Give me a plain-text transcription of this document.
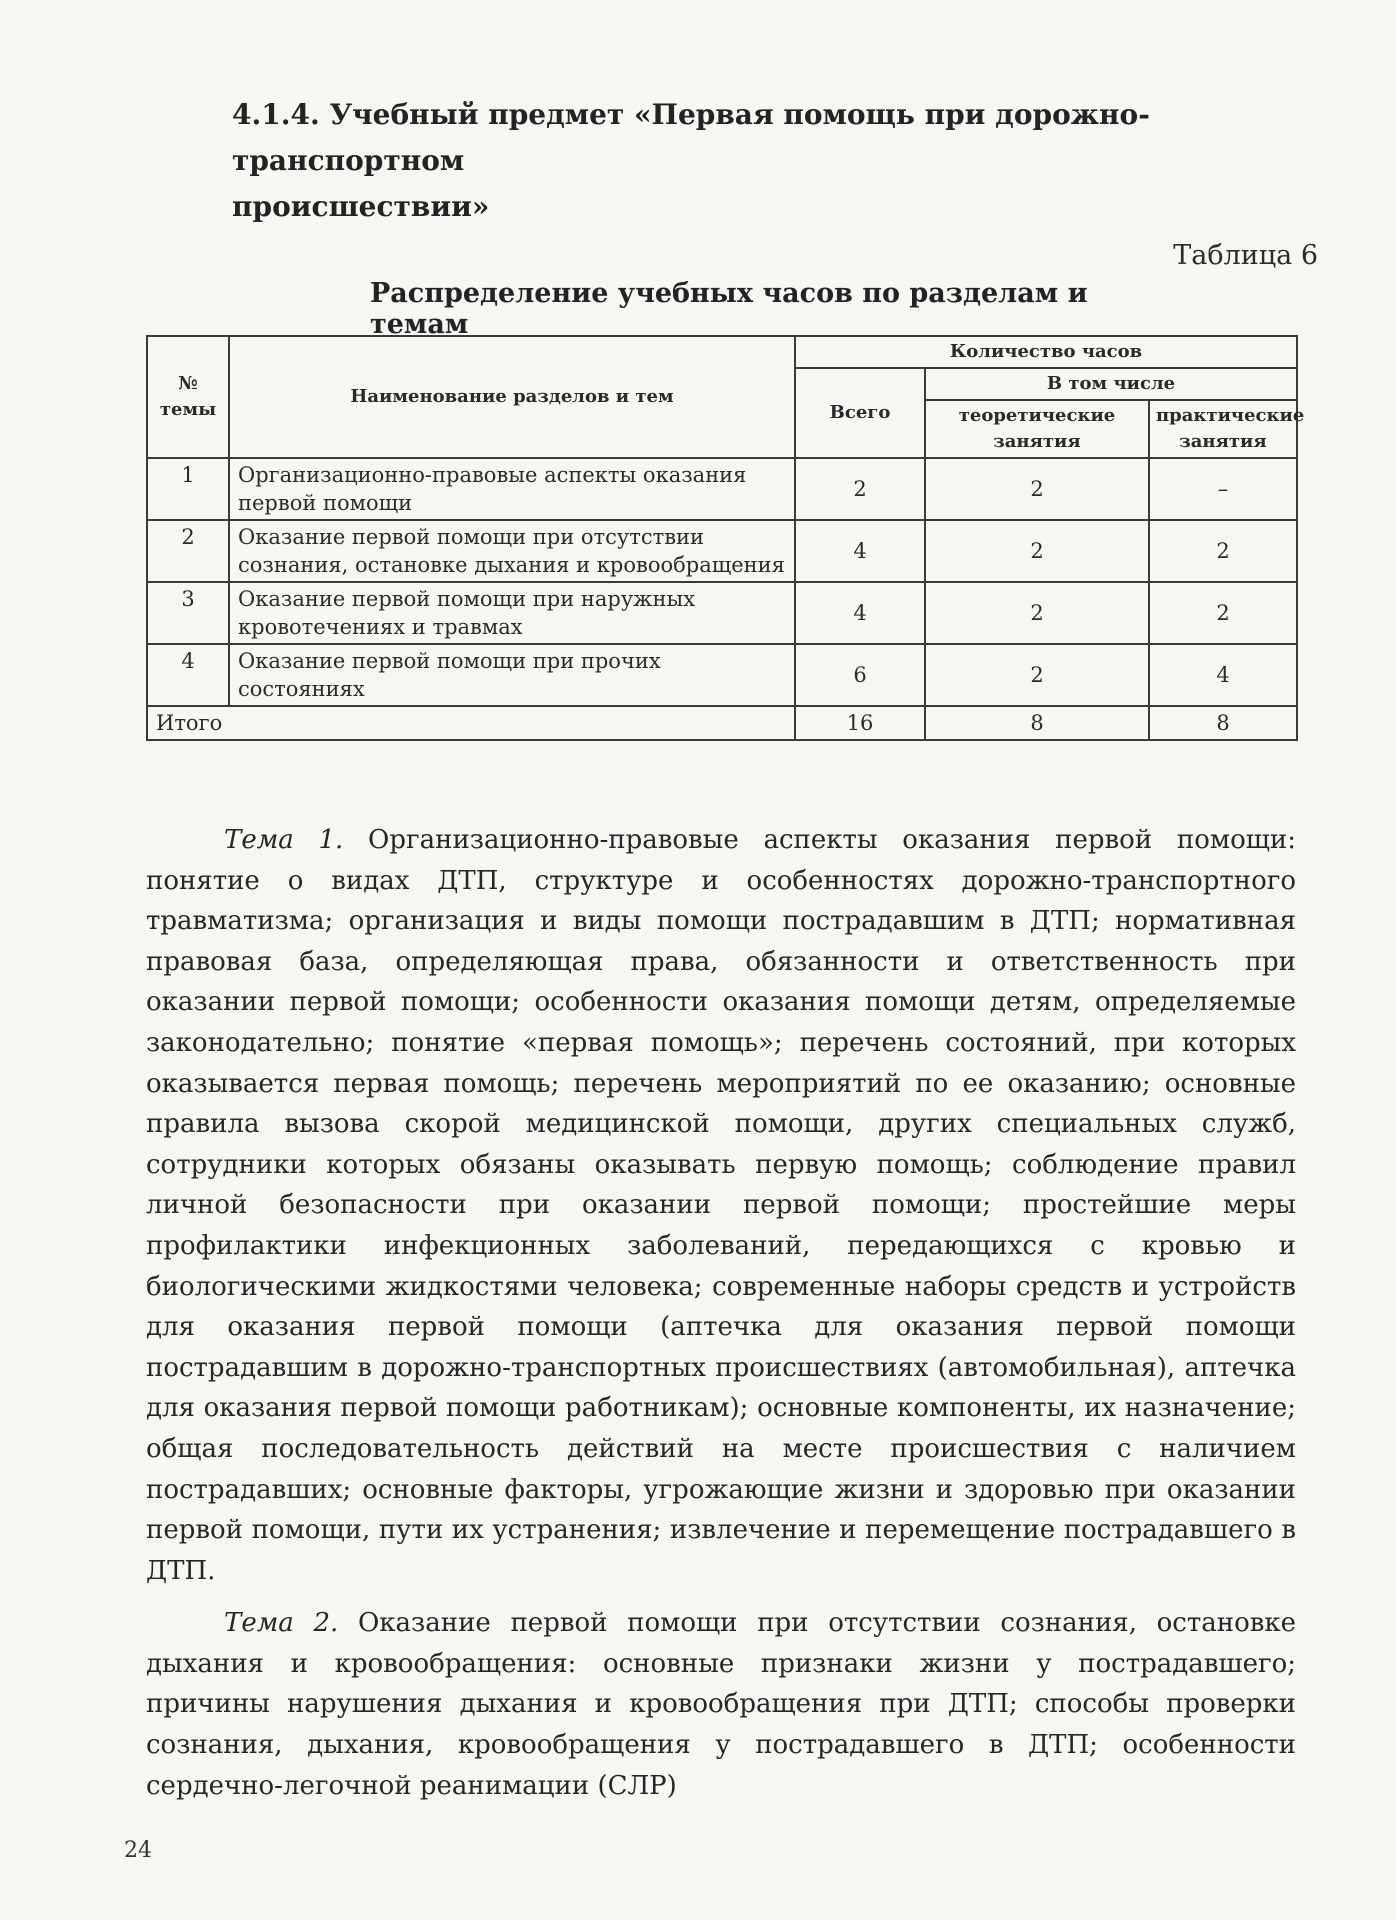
4.1.4. Учебный предмет «Первая помощь при дорожно-транспортном
происшествии»
Таблица 6
Распределение учебных часов по разделам и темам
№ темы	Наименование разделов и тем	Количество часов		
		Всего	В том числе	
			теоретические занятия	практические занятия
1	Организационно-правовые аспекты оказания первой помощи	2	2	–
2	Оказание первой помощи при отсутствии сознания, остановке дыхания и кровообращения	4	2	2
3	Оказание первой помощи при наружных кровотечениях и травмах	4	2	2
4	Оказание первой помощи при прочих состояниях	6	2	4
Итого		16	8	8

Тема 1. Организационно-правовые аспекты оказания первой помощи: понятие о видах ДТП, структуре и особенностях дорожно-транспортного травматизма; организация и виды помощи пострадавшим в ДТП; нормативная правовая база, определяющая права, обязанности и ответственность при оказании первой помощи; особенности оказания помощи детям, определяемые законодательно; понятие «первая помощь»; перечень состояний, при которых оказывается первая помощь; перечень мероприятий по ее оказанию; основные правила вызова скорой медицинской помощи, других специальных служб, сотрудники которых обязаны оказывать первую помощь; соблюдение правил личной безопасности при оказании первой помощи; простейшие меры профилактики инфекционных заболеваний, передающихся с кровью и биологическими жидкостями человека; современные наборы средств и устройств для оказания первой помощи (аптечка для оказания первой помощи пострадавшим в дорожно-транспортных происшествиях (автомобильная), аптечка для оказания первой помощи работникам); основные компоненты, их назначение; общая последовательность действий на месте происшествия с наличием пострадавших; основные факторы, угрожающие жизни и здоровью при оказании первой помощи, пути их устранения; извлечение и перемещение пострадавшего в ДТП.

Тема 2. Оказание первой помощи при отсутствии сознания, остановке дыхания и кровообращения: основные признаки жизни у пострадавшего; причины нарушения дыхания и кровообращения при ДТП; способы проверки сознания, дыхания, кровообращения у пострадавшего в ДТП; особенности сердечно-легочной реанимации (СЛР)

24
